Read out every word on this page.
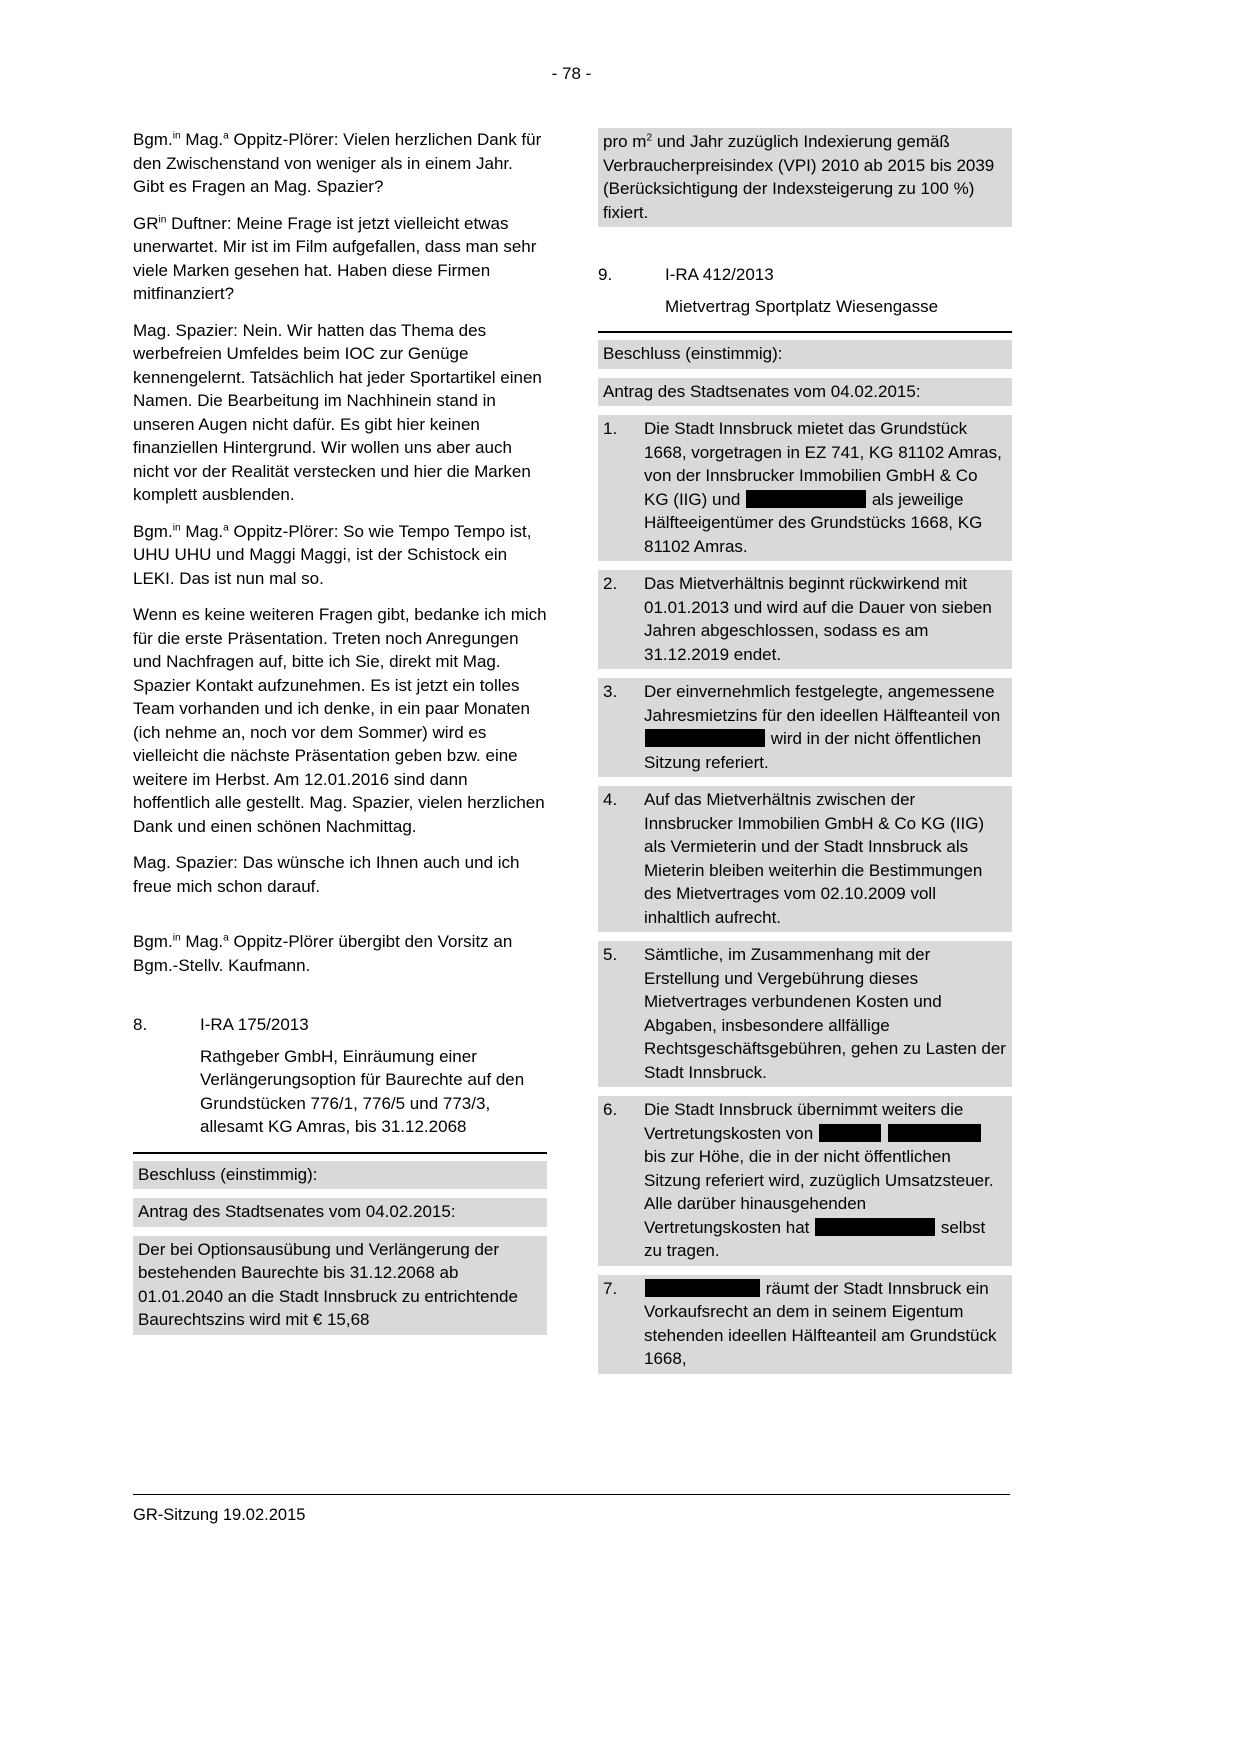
- 78 -

Bgm.$^{in}$ Mag.$^a$ Oppitz-Plörer: Vielen herzlichen Dank für den Zwischenstand von weniger als in einem Jahr. Gibt es Fragen an Mag. Spazier?

$GR^{in}$ Duftner: Meine Frage ist jetzt vielleicht etwas unerwartet. Mir ist im Film aufgefallen, dass man sehr viele Marken gesehen hat. Haben diese Firmen mitfinanziert?

Mag. Spazier: Nein. Wir hatten das Thema des werbefreien Umfeldes beim IOC zur Genüge kennengelernt. Tatsächlich hat jeder Sportartikel einen Namen. Die Bearbeitung im Nachhinein stand in unseren Augen nicht dafür. Es gibt hier keinen finanziellen Hintergrund. Wir wollen uns aber auch nicht vor der Realität verstecken und hier die Marken komplett ausblenden.

Bgm.$^{in}$ Mag.$^a$ Oppitz-Plörer: So wie Tempo Tempo ist, UHU UHU und Maggi Maggi, ist der Schistock ein LEKI. Das ist nun mal so.

Wenn es keine weiteren Fragen gibt, bedanke ich mich für die erste Präsentation. Treten noch Anregungen und Nachfragen auf, bitte ich Sie, direkt mit Mag. Spazier Kontakt aufzunehmen. Es ist jetzt ein tolles Team vorhanden und ich denke, in ein paar Monaten (ich nehme an, noch vor dem Sommer) wird es vielleicht die nächste Präsentation geben bzw. eine weitere im Herbst. Am 12.01.2016 sind dann hoffentlich alle gestellt. Mag. Spazier, vielen herzlichen Dank und einen schönen Nachmittag.

Mag. Spazier: Das wünsche ich Ihnen auch und ich freue mich schon darauf.

Bgm.$^{in}$ Mag.$^a$ Oppitz-Plörer übergibt den Vorsitz an Bgm.-Stellv. Kaufmann.

8.	I-RA 175/2013
Rathgeber GmbH, Einräumung einer Verlängerungsoption für Baurechte auf den Grundstücken 776/1, 776/5 und 773/3, allesamt KG Amras, bis 31.12.2068
Beschluss (einstimmig):
Antrag des Stadtsenates vom 04.02.2015:
Der bei Optionsausübung und Verlängerung der bestehenden Baurechte bis 31.12.2068 ab 01.01.2040 an die Stadt Innsbruck zu entrichtende Baurechtszins wird mit € 15,68
pro $m^2$ und Jahr zuzüglich Indexierung gemäß Verbraucherpreisindex (VPI) 2010 ab 2015 bis 2039 (Berücksichtigung der Indexsteigerung zu 100 %) fixiert.
9.	I-RA 412/2013
Mietvertrag Sportplatz Wiesengasse
Beschluss (einstimmig):
Antrag des Stadtsenates vom 04.02.2015:
1.	Die Stadt Innsbruck mietet das Grundstück 1668, vorgetragen in EZ 741, KG 81102 Amras, von der Innsbrucker Immobilien GmbH & Co KG (IIG) und	als jeweilige Hälfteeigentümer des Grundstücks 1668, KG 81102 Amras.
2.	Das Mietverhältnis beginnt rückwirkend mit 01.01.2013 und wird auf die Dauer von sieben Jahren abgeschlossen, sodass es am 31.12.2019 endet.
3.	Der einvernehmlich festgelegte, angemessene Jahresmietzins für den ideellen Hälfteanteil von  wird in der nicht öffentlichen Sitzung referiert.
4.	Auf das Mietverhältnis zwischen der Innsbrucker Immobilien GmbH & Co KG (IIG) als Vermieterin und der Stadt Innsbruck als Mieterin bleiben weiterhin die Bestimmungen des Mietvertrages vom 02.10.2009 voll inhaltlich aufrecht.
5.	Sämtliche, im Zusammenhang mit der Erstellung und Vergebührung dieses Mietvertrages verbundenen Kosten und Abgaben, insbesondere allfällige Rechtsgeschäftsgebühren, gehen zu Lasten der Stadt Innsbruck.
6.	Die Stadt Innsbruck übernimmt weiters die Vertretungskosten von   bis zur Höhe, die in der nicht öffentlichen Sitzung referiert wird, zuzüglich Umsatzsteuer. Alle darüber hinausgehenden Vertretungskosten hat	selbst zu tragen.
7.	räumt der Stadt Innsbruck ein Vorkaufsrecht an dem in seinem Eigentum stehenden ideellen Hälfteanteil am Grundstück 1668,
GR-Sitzung 19.02.2015
